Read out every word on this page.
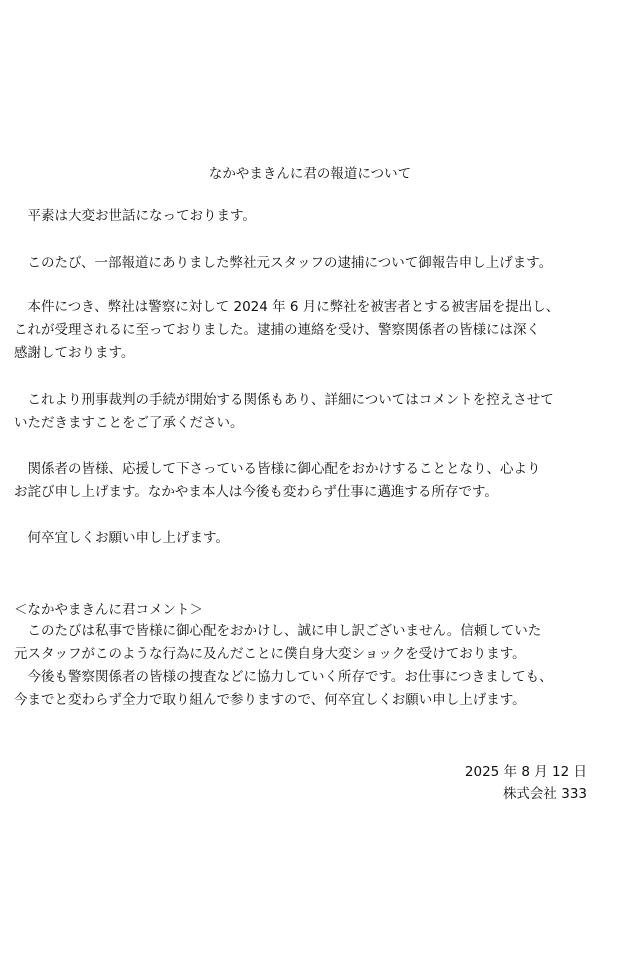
なかやまきんに君の報道について
　平素は大変お世話になっております。
　このたび、一部報道にありました弊社元スタッフの逮捕について御報告申し上げます。
　本件につき、弊社は警察に対して 2024 年 6 月に弊社を被害者とする被害届を提出し、
これが受理されるに至っておりました。逮捕の連絡を受け、警察関係者の皆様には深く
感謝しております。
　これより刑事裁判の手続が開始する関係もあり、詳細についてはコメントを控えさせて
いただきますことをご了承ください。
　関係者の皆様、応援して下さっている皆様に御心配をおかけすることとなり、心より
お詫び申し上げます。なかやま本人は今後も変わらず仕事に邁進する所存です。
　何卒宜しくお願い申し上げます。
＜なかやまきんに君コメント＞
　このたびは私事で皆様に御心配をおかけし、誠に申し訳ございません。信頼していた
元スタッフがこのような行為に及んだことに僕自身大変ショックを受けております。
　今後も警察関係者の皆様の捜査などに協力していく所存です。お仕事につきましても、
今までと変わらず全力で取り組んで参りますので、何卒宜しくお願い申し上げます。
2025 年 8 月 12 日
株式会社 333
